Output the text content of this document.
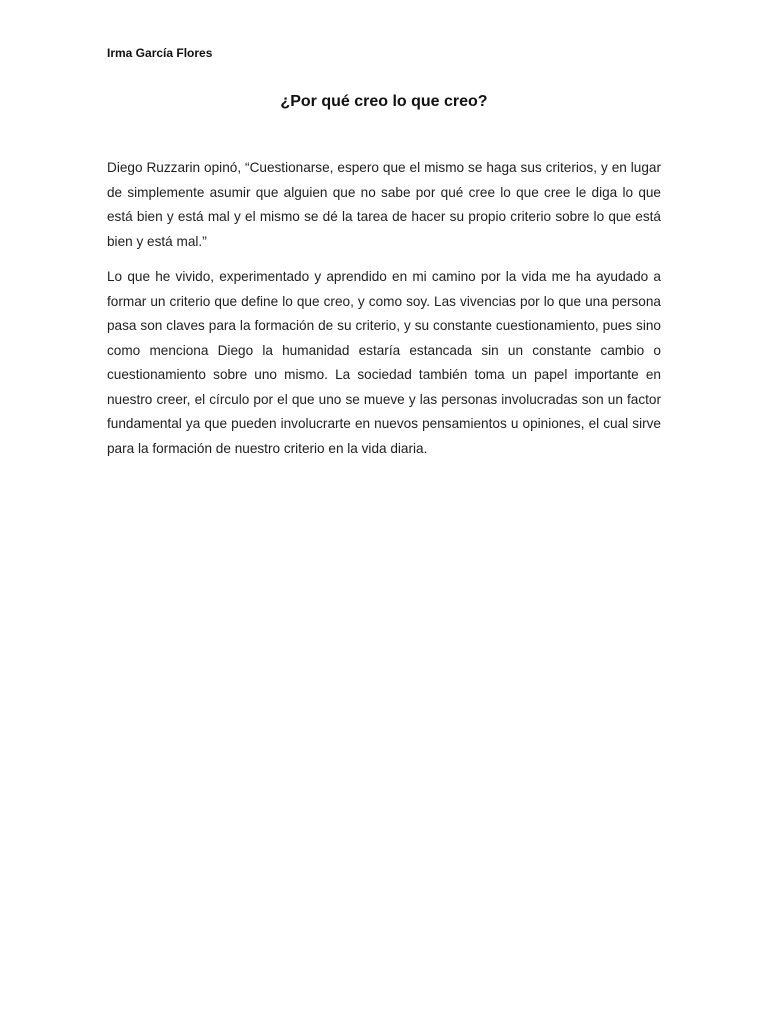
Irma García Flores
¿Por qué creo lo que creo?

Diego Ruzzarin opinó, “Cuestionarse, espero que el mismo se haga sus criterios, y en lugar de simplemente asumir que alguien que no sabe por qué cree lo que cree le diga lo que está bien y está mal y el mismo se dé la tarea de hacer su propio criterio sobre lo que está bien y está mal.”

Lo que he vivido, experimentado y aprendido en mi camino por la vida me ha ayudado a formar un criterio que define lo que creo, y como soy. Las vivencias por lo que una persona pasa son claves para la formación de su criterio, y su constante cuestionamiento, pues sino como menciona Diego la humanidad estaría estancada sin un constante cambio o cuestionamiento sobre uno mismo. La sociedad también toma un papel importante en nuestro creer, el círculo por el que uno se mueve y las personas involucradas son un factor fundamental ya que pueden involucrarte en nuevos pensamientos u opiniones, el cual sirve para la formación de nuestro criterio en la vida diaria.
